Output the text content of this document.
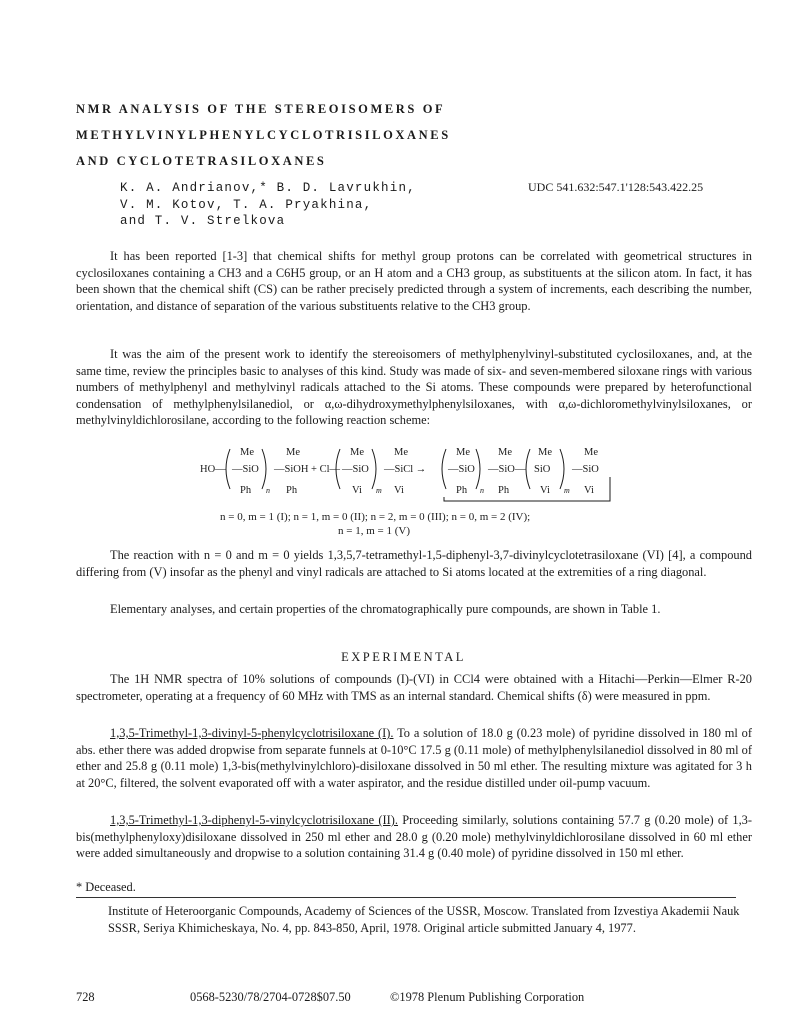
NMR ANALYSIS OF THE STEREOISOMERS OF
METHYLVINYLPHENYLCYCLOTRISILOXANES
AND CYCLOTETRASILOXANES
K. A. Andrianov,* B. D. Lavrukhin,
V. M. Kotov, T. A. Pryakhina,
and T. V. Strelkova
UDC 541.632:547.1'128:543.422.25
It has been reported [1-3] that chemical shifts for methyl group protons can be correlated with geometrical structures in cyclosiloxanes containing a CH3 and a C6H5 group, or an H atom and a CH3 group, as substituents at the silicon atom. In fact, it has been shown that the chemical shift (CS) can be rather precisely predicted through a system of increments, each describing the number, orientation, and distance of separation of the various substituents relative to the CH3 group.
It was the aim of the present work to identify the stereoisomers of methylphenylvinyl-substituted cyclosiloxanes, and, at the same time, review the principles basic to analyses of this kind. Study was made of six- and seven-membered siloxane rings with various numbers of methylphenyl and methylvinyl radicals attached to the Si atoms. These compounds were prepared by heterofunctional condensation of methylphenylsilanediol, or α,ω-dihydroxymethylphenylsiloxanes, with α,ω-dichloromethylvinylsiloxanes, or methylvinyldichlorosilane, according to the following reaction scheme:
HO—
Me
—SiO
Ph n
Me
—SiOH + Cl—
Ph
Me
—SiO
Vi m
Me
—SiCl →
Vi
Me
—SiO
Ph n
Me
—SiO—
Ph
Me
SiO
Vi m
Me
—SiO
Vi
n = 0, m = 1 (I); n = 1, m = 0 (II); n = 2, m = 0 (III); n = 0, m = 2 (IV);
n = 1, m = 1 (V)
The reaction with n = 0 and m = 0 yields 1,3,5,7-tetramethyl-1,5-diphenyl-3,7-divinylcyclotetrasiloxane (VI) [4], a compound differing from (V) insofar as the phenyl and vinyl radicals are attached to Si atoms located at the extremities of a ring diagonal.
Elementary analyses, and certain properties of the chromatographically pure compounds, are shown in Table 1.
EXPERIMENTAL
The 1H NMR spectra of 10% solutions of compounds (I)-(VI) in CCl4 were obtained with a Hitachi—Perkin—Elmer R-20 spectrometer, operating at a frequency of 60 MHz with TMS as an internal standard. Chemical shifts (δ) were measured in ppm.
1,3,5-Trimethyl-1,3-divinyl-5-phenylcyclotrisiloxane (I). To a solution of 18.0 g (0.23 mole) of pyridine dissolved in 180 ml of abs. ether there was added dropwise from separate funnels at 0-10°C 17.5 g (0.11 mole) of methylphenylsilanediol dissolved in 80 ml of ether and 25.8 g (0.11 mole) 1,3-bis(methylvinylchloro)-disiloxane dissolved in 50 ml ether. The resulting mixture was agitated for 3 h at 20°C, filtered, the solvent evaporated off with a water aspirator, and the residue distilled under oil-pump vacuum.
1,3,5-Trimethyl-1,3-diphenyl-5-vinylcyclotrisiloxane (II). Proceeding similarly, solutions containing 57.7 g (0.20 mole) of 1,3-bis(methylphenyloxy)disiloxane dissolved in 250 ml ether and 28.0 g (0.20 mole) methylvinyldichlorosilane dissolved in 60 ml ether were added simultaneously and dropwise to a solution containing 31.4 g (0.40 mole) of pyridine dissolved in 150 ml ether.
* Deceased.
Institute of Heteroorganic Compounds, Academy of Sciences of the USSR, Moscow. Translated from Izvestiya Akademii Nauk SSSR, Seriya Khimicheskaya, No. 4, pp. 843-850, April, 1978. Original article submitted January 4, 1977.
728	0568-5230/78/2704-0728$07.50	©1978 Plenum Publishing Corporation
